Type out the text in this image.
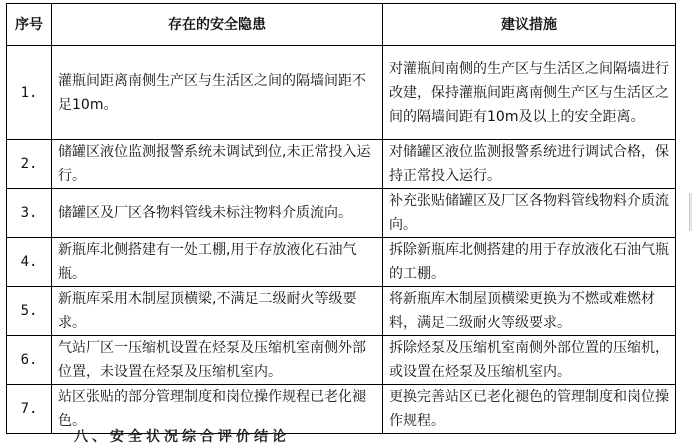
序号	存在的安全隐患	建议措施
1.	灌瓶间距离南侧生产区与生活区之间的隔墙间距不足10m。	对灌瓶间南侧的生产区与生活区之间隔墙进行改建，保持灌瓶间距离南侧生产区与生活区之间的隔墙间距有10m及以上的安全距离。
2.	储罐区液位监测报警系统未调试到位,未正常投入运行。	对储罐区液位监测报警系统进行调试合格，保持正常投入运行。
3.	储罐区及厂区各物料管线未标注物料介质流向。	补充张贴储罐区及厂区各物料管线物料介质流向。
4.	新瓶库北侧搭建有一处工棚,用于存放液化石油气瓶。	拆除新瓶库北侧搭建的用于存放液化石油气瓶的工棚。
5.	新瓶库采用木制屋顶横梁,不满足二级耐火等级要求。	将新瓶库木制屋顶横梁更换为不燃或难燃材料，满足二级耐火等级要求。
6.	气站厂区一压缩机设置在烃泵及压缩机室南侧外部位置，未设置在烃泵及压缩机室内。	拆除烃泵及压缩机室南侧外部位置的压缩机，或设置在烃泵及压缩机室内。
7.	站区张贴的部分管理制度和岗位操作规程已老化褪色。	更换完善站区已老化褪色的管理制度和岗位操作规程。
八、安全状况综合评价结论
